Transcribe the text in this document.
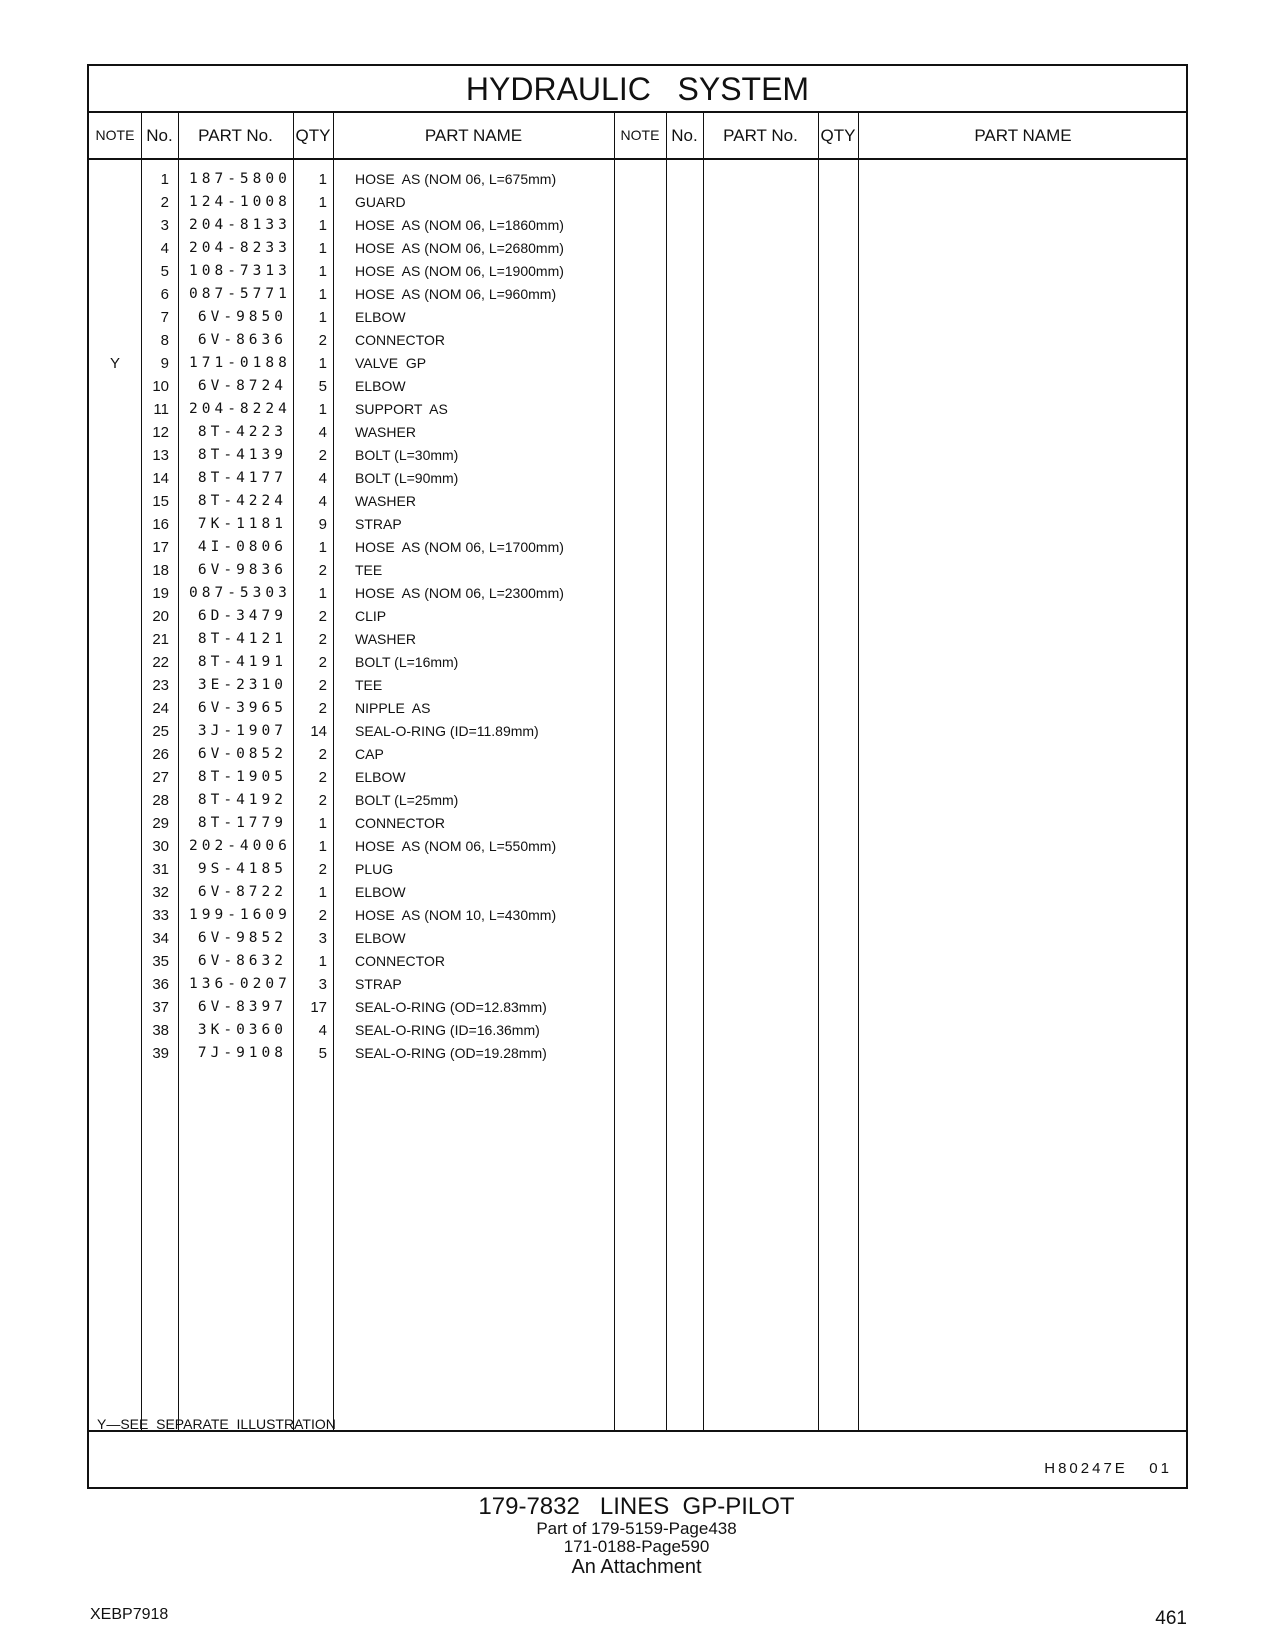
HYDRAULIC   SYSTEM
NOTE No.	PART No.	QTY	PART NAME	NOTE No.	PART No.	QTY	PART NAME
1 187-5800	1 HOSE  AS (NOM 06, L=675mm)
2 124-1008	1 GUARD
3 204-8133	1 HOSE  AS (NOM 06, L=1860mm)
4 204-8233	1 HOSE  AS (NOM 06, L=2680mm)
5 108-7313	1 HOSE  AS (NOM 06, L=1900mm)
6 087-5771	1 HOSE  AS (NOM 06, L=960mm)
7	6V-9850	1 ELBOW
8	6V-8636	2 CONNECTOR
Y	9 171-0188	1 VALVE  GP
10	6V-8724	5 ELBOW
11 204-8224	1 SUPPORT  AS
12	8T-4223	4 WASHER
13	8T-4139	2 BOLT (L=30mm)
14	8T-4177	4 BOLT (L=90mm)
15	8T-4224	4 WASHER
16	7K-1181	9 STRAP
17	4I-0806	1 HOSE  AS (NOM 06, L=1700mm)
18	6V-9836	2 TEE
19 087-5303	1 HOSE  AS (NOM 06, L=2300mm)
20	6D-3479	2 CLIP
21	8T-4121	2 WASHER
22	8T-4191	2 BOLT (L=16mm)
23	3E-2310	2 TEE
24	6V-3965	2 NIPPLE  AS
25	3J-1907	14 SEAL-O-RING (ID=11.89mm)
26	6V-0852	2 CAP
27	8T-1905	2 ELBOW
28	8T-4192	2 BOLT (L=25mm)
29	8T-1779	1 CONNECTOR
30 202-4006	1 HOSE  AS (NOM 06, L=550mm)
31	9S-4185	2 PLUG
32	6V-8722	1 ELBOW
33 199-1609	2 HOSE  AS (NOM 10, L=430mm)
34	6V-9852	3 ELBOW
35	6V-8632	1 CONNECTOR
36 136-0207	3 STRAP
37	6V-8397	17 SEAL-O-RING (OD=12.83mm)
38	3K-0360	4 SEAL-O-RING (ID=16.36mm)
39	7J-9108	5 SEAL-O-RING (OD=19.28mm)
Y—SEE  SEPARATE  ILLUSTRATION
H80247E   01
179-7832   LINES  GP-PILOT
Part of 179-5159-Page438
171-0188-Page590
An Attachment
XEBP7918	461
